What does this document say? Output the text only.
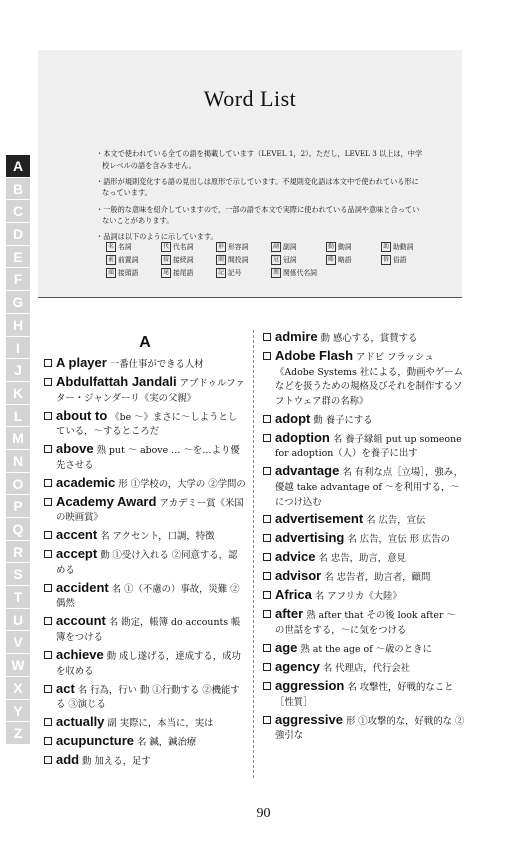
Word List
・本文で使われている全ての語を掲載しています（LEVEL 1，2）。ただし，LEVEL 3 以上は，中学校レベルの語を含みません。
・語形が規則変化する語の見出しは原形で示しています。不規則変化語は本文中で使われている形になっています。
・一般的な意味を紹介していますので，一部の語で本文で実際に使われている品詞や意味と合っていないことがあります。
・品詞は以下のように示しています。
名 名詞	代 代名詞	形 形容詞	副 副詞	動 動詞	助 助動詞
前 前置詞	接 接続詞	間 間投詞	冠 冠詞	略 略語	俗 俗語
頭 接頭語	尾 接尾語	記 記号	関 関係代名詞
A
B
C
D
E
F
G
H
I
J
K
L
M
N
O
P
Q
R
S
T
U
V
W
X
Y
Z
A
A player 一番仕事ができる人材
Abdulfattah Jandali アブドゥルファター・ジャンダーリ《実の父親》
about to 《be ～》まさに～しようとしている，～するところだ
above 熟 put ～ above … ～を…より優先させる
academic 形 ①学校の，大学の ②学問の
Academy Award アカデミー賞《米国の映画賞》
accent 名 アクセント，口調，特徴
accept 動 ①受け入れる ②同意する，認める
accident 名 ①（不慮の）事故，災難 ②偶然
account 名 勘定，帳簿 do accounts 帳簿をつける
achieve 動 成し遂げる，達成する，成功を収める
act 名 行為，行い 動 ①行動する ②機能する ③演じる
actually 副 実際に，本当に，実は
acupuncture 名 鍼，鍼治療
add 動 加える，足す
admire 動 感心する，賞賛する
Adobe Flash アドビ フラッシュ《Adobe Systems 社による，動画やゲームなどを扱うための規格及びそれを制作するソフトウェア群の名称》
adopt 動 養子にする
adoption 名 養子縁組 put up someone for adoption（人）を養子に出す
advantage 名 有利な点［立場］，強み，優越 take advantage of ～を利用する，～につけ込む
advertisement 名 広告，宣伝
advertising 名 広告，宣伝 形 広告の
advice 名 忠告，助言，意見
advisor 名 忠告者，助言者，顧問
Africa 名 アフリカ《大陸》
after 熟 after that その後 look after ～の世話をする，～に気をつける
age 熟 at the age of ～歳のときに
agency 名 代理店，代行会社
aggression 名 攻撃性，好戦的なこと［性質］
aggressive 形 ①攻撃的な，好戦的な ②強引な
90
